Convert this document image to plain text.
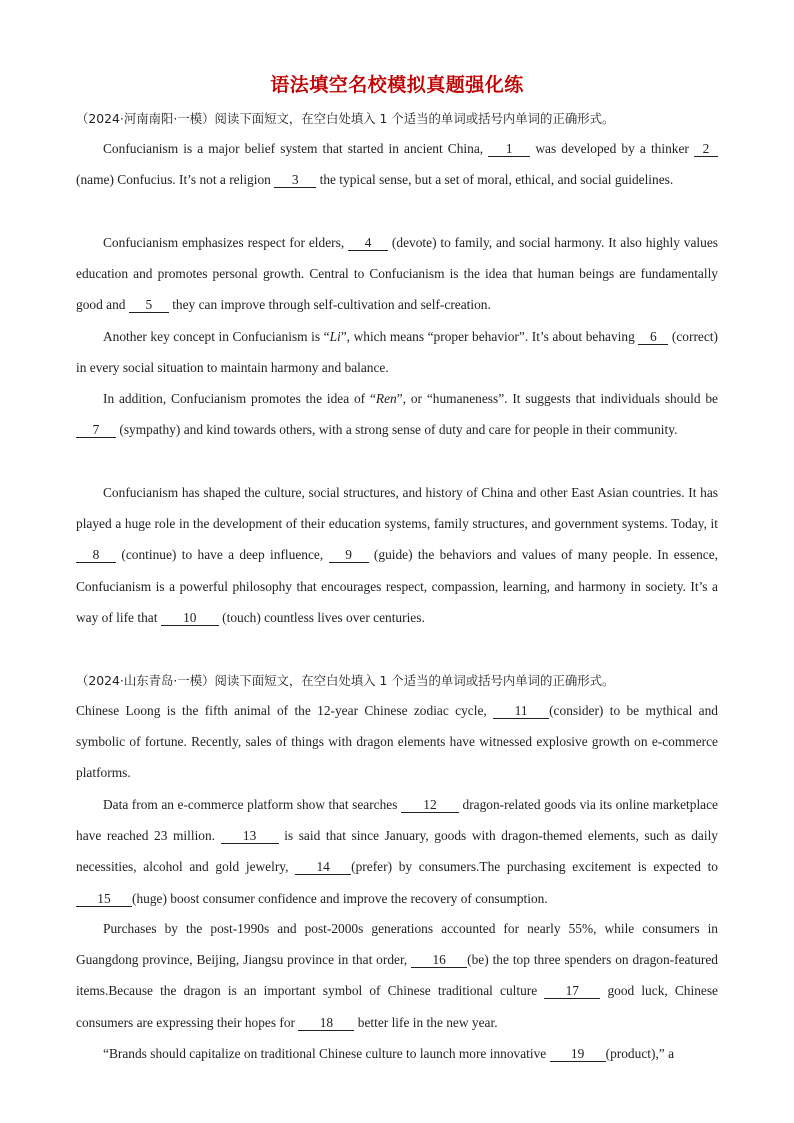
语法填空名校模拟真题强化练
（2024·河南南阳·一模）阅读下面短文，在空白处填入 1 个适当的单词或括号内单词的正确形式。
Confucianism is a major belief system that started in ancient China, 1 was developed by a thinker 2 (name) Confucius. It’s not a religion 3 the typical sense, but a set of moral, ethical, and social guidelines.
Confucianism emphasizes respect for elders, 4 (devote) to family, and social harmony. It also highly values education and promotes personal growth. Central to Confucianism is the idea that human beings are fundamentally good and 5 they can improve through self-cultivation and self-creation.
Another key concept in Confucianism is “Li”, which means “proper behavior”. It’s about behaving 6 (correct) in every social situation to maintain harmony and balance.
In addition, Confucianism promotes the idea of “Ren”, or “humaneness”. It suggests that individuals should be 7 (sympathy) and kind towards others, with a strong sense of duty and care for people in their community.
Confucianism has shaped the culture, social structures, and history of China and other East Asian countries. It has played a huge role in the development of their education systems, family structures, and government systems. Today, it 8 (continue) to have a deep influence, 9 (guide) the behaviors and values of many people. In essence, Confucianism is a powerful philosophy that encourages respect, compassion, learning, and harmony in society. It’s a way of life that 10 (touch) countless lives over centuries.
（2024·山东青岛·一模）阅读下面短文，在空白处填入 1 个适当的单词或括号内单词的正确形式。
Chinese Loong is the fifth animal of the 12-year Chinese zodiac cycle, 11 (consider) to be mythical and symbolic of fortune. Recently, sales of things with dragon elements have witnessed explosive growth on e-commerce platforms.
Data from an e-commerce platform show that searches 12 dragon-related goods via its online marketplace have reached 23 million. 13 is said that since January, goods with dragon-themed elements, such as daily necessities, alcohol and gold jewelry, 14 (prefer) by consumers.The purchasing excitement is expected to 15 (huge) boost consumer confidence and improve the recovery of consumption.
Purchases by the post-1990s and post-2000s generations accounted for nearly 55%, while consumers in Guangdong province, Beijing, Jiangsu province in that order, 16 (be) the top three spenders on dragon-featured items.Because the dragon is an important symbol of Chinese traditional culture 17 good luck, Chinese consumers are expressing their hopes for 18 better life in the new year.
“Brands should capitalize on traditional Chinese culture to launch more innovative 19 (product),” a
